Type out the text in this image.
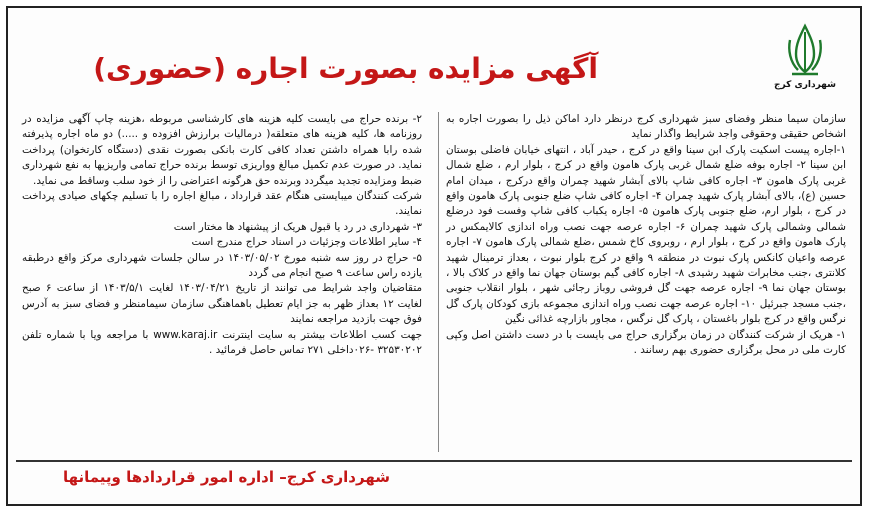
شهرداری کرج
آگهی مزایده بصورت اجاره (حضوری)

سازمان سیما منظر وفضای سبز شهرداری کرج درنظر دارد اماکن ذیل را بصورت اجاره به اشخاص حقیقی وحقوقی واجد شرایط واگذار نماید

۱-اجاره پیست اسکیت پارک ابن سینا واقع در کرج ، حیدر آباد ، انتهای خیابان فاضلی بوستان ابن سینا ۲- اجاره بوفه ضلع شمال غربی پارک هامون واقع در کرج ، بلوار ارم ، ضلع شمال غربی پارک هامون ۳- اجاره کافی شاپ بالای آبشار شهید چمران واقع درکرج ، میدان امام حسین (ع)، بالای آبشار پارک شهید چمران ۴- اجاره کافی شاپ ضلع جنوبی پارک هامون واقع در کرج ، بلوار ارم، ضلع جنوبی پارک هامون ۵- اجاره یکباب کافی شاپ وفست فود درضلع شمالی وشمالی پارک شهید چمران ۶- اجاره عرصه جهت نصب وراه اندازی کالایمکس در پارک هامون واقع در کرج ، بلوار ارم ، روبروی کاخ شمس ،ضلع شمالی پارک هامون ۷- اجاره عرصه واعیان کانکس پارک نبوت در منطقه ۹ واقع در کرج بلوار نبوت ، بعداز ترمینال شهید کلانتری ،جنب مخابرات شهید رشیدی ۸- اجاره کافی گیم بوستان جهان نما واقع در کلاک بالا ، بوستان جهان نما ۹- اجاره عرصه جهت گل فروشی روباز رجائی شهر ، بلوار انقلاب جنوبی ،جنب مسجد جبرئیل ۱۰- اجاره عرصه جهت نصب وراه اندازی مجموعه بازی کودکان پارک گل نرگس واقع در کرج بلوار باغستان ، پارک گل نرگس ، مجاور بازارچه غذائی نگین

۱- هریک از شرکت کنندگان در زمان برگزاری حراج می بایست با در دست داشتن اصل وکپی کارت ملی در محل برگزاری حضوری بهم رسانند .

۲- برنده حراج می بایست کلیه هزینه های کارشناسی مربوطه ،هزینه چاپ آگهی مزایده در روزنامه ها، کلیه هزینه های متعلقه( درمالیات برارزش افزوده و .....) دو ماه اجاره پذیرفته شده رابا همراه داشتن تعداد کافی کارت بانکی بصورت نقدی (دستگاه کارتخوان) پرداخت نماید. در صورت عدم تکمیل مبالغ وواریزی توسط برنده حراج تمامی واریزیها به نفع شهرداری ضبط ومزایده تجدید میگردد وبرنده حق هرگونه اعتراضی را از خود سلب وساقط می نماید.

شرکت کنندگان میبایستی هنگام عقد قرارداد ، مبالغ اجاره را با تسلیم چکهای صیادی پرداخت نمایند.

۳- شهرداری در رد یا قبول هریک از پیشنهاد ها مختار است

۴- سایر اطلاعات وجزئیات در اسناد حراج مندرج است

۵- حراج در روز سه شنبه مورخ ۱۴۰۳/۰۵/۰۲ در سالن جلسات شهرداری مرکز واقع درطبقه یازده راس ساعت ۹ صبح انجام می گردد

متقاضیان واجد شرایط می توانند از تاریخ ۱۴۰۳/۰۴/۲۱ لغایت ۱۴۰۳/۵/۱ از ساعت ۶ صبح لغایت ۱۲ بعداز ظهر به جز ایام تعطیل باهماهنگی سازمان سیمامنظر و فضای سبز به آدرس فوق جهت بازدید مراجعه نمایند

جهت کسب اطلاعات بیشتر به سایت اینترنت www.karaj.ir با مراجعه ویا با شماره تلفن ۳۲۵۳۰۲۰۲ -۰۲۶داخلی ۲۷۱ تماس حاصل فرمائید .

شهرداری کرج– اداره امور قراردادها وپیمانها
